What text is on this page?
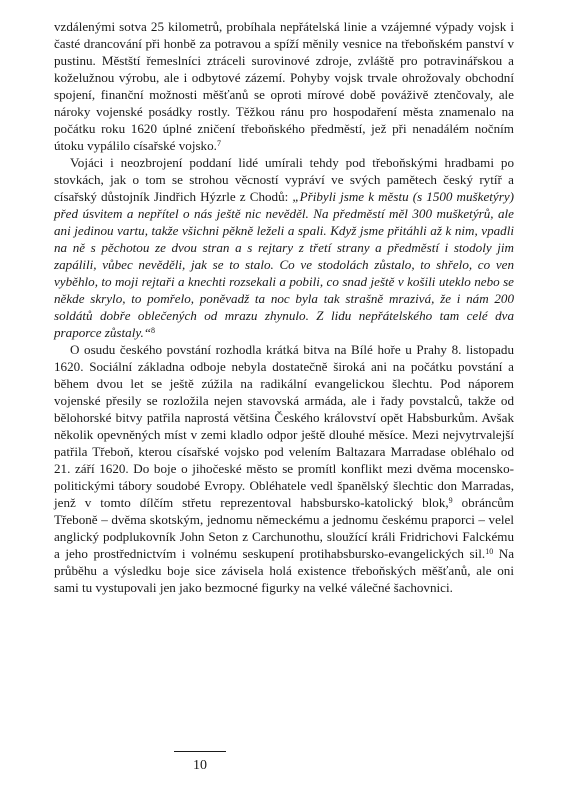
vzdálenými sotva 25 kilometrů, probíhala nepřátelská linie a vzájemné výpady vojsk i časté drancování při honbě za potravou a spíží měnily vesnice na třeboňském panství v pustinu. Městští řemeslníci ztráceli surovinové zdroje, zvláště pro potravinářskou a koželužnou výrobu, ale i odbytové zázemí. Pohyby vojsk trvale ohrožovaly obchodní spojení, finanční možnosti měšťanů se oproti mírové době pováživě ztenčovaly, ale nároky vojenské posádky rostly. Těžkou ránu pro hospodaření města znamenalo na počátku roku 1620 úplné zničení třeboňského předměstí, jež při nenadálém nočním útoku vypálilo císařské vojsko.$^7$

Vojáci i neozbrojení poddaní lidé umírali tehdy pod třeboňskými hradbami po stovkách, jak o tom se strohou věcností vypráví ve svých pamětech český rytíř a císařský důstojník Jindřich Hýzrle z Chodů: „Přibyli jsme k městu (s 1500 mušketýry) před úsvitem a nepřítel o nás ještě nic nevěděl. Na předměstí měl 300 mušketýrů, ale ani jedinou vartu, takže všichni pěkně leželi a spali. Když jsme přitáhli až k nim, vpadli na ně s pěchotou ze dvou stran a s rejtary z třetí strany a předměstí i stodoly jim zapálili, vůbec nevěděli, jak se to stalo. Co ve stodolách zůstalo, to shřelo, co ven vyběhlo, to moji rejtaři a knechti rozsekali a pobili, co snad ještě v košili uteklo nebo se někde skrylo, to pomřelo, poněvadž ta noc byla tak strašně mrazivá, že i nám 200 soldátů dobře oblečených od mrazu zhynulo. Z lidu nepřátelského tam celé dva praporce zůstaly.“$^8$

O osudu českého povstání rozhodla krátká bitva na Bílé hoře u Prahy 8. listopadu 1620. Sociální základna odboje nebyla dostatečně široká ani na počátku povstání a během dvou let se ještě zúžila na radikální evangelickou šlechtu. Pod náporem vojenské přesily se rozložila nejen stavovská armáda, ale i řady povstalců, takže od bělohorské bitvy patřila naprostá většina Českého království opět Habsburkům. Avšak několik opevněných míst v zemi kladlo odpor ještě dlouhé měsíce. Mezi nejvytrvalejší patřila Třeboň, kterou císařské vojsko pod velením Baltazara Marradase obléhalo od 21. září 1620. Do boje o jihočeské město se promítl konflikt mezi dvěma mocensko-politickými tábory soudobé Evropy. Obléhatele vedl španělský šlechtic don Marradas, jenž v tomto dílčím střetu reprezentoval habsbursko-katolický blok,$^9$ obráncům Třeboně – dvěma skotským, jednomu německému a jednomu českému praporci – velel anglický podplukovník John Seton z Carchunothu, sloužící králi Fridrichovi Falckému a jeho prostřednictvím i volnému seskupení protihabsbursko-evangelických sil.$^{10}$ Na průběhu a výsledku boje sice závisela holá existence třeboňských měšťanů, ale oni sami tu vystupovali jen jako bezmocné figurky na velké válečné šachovnici.

10
